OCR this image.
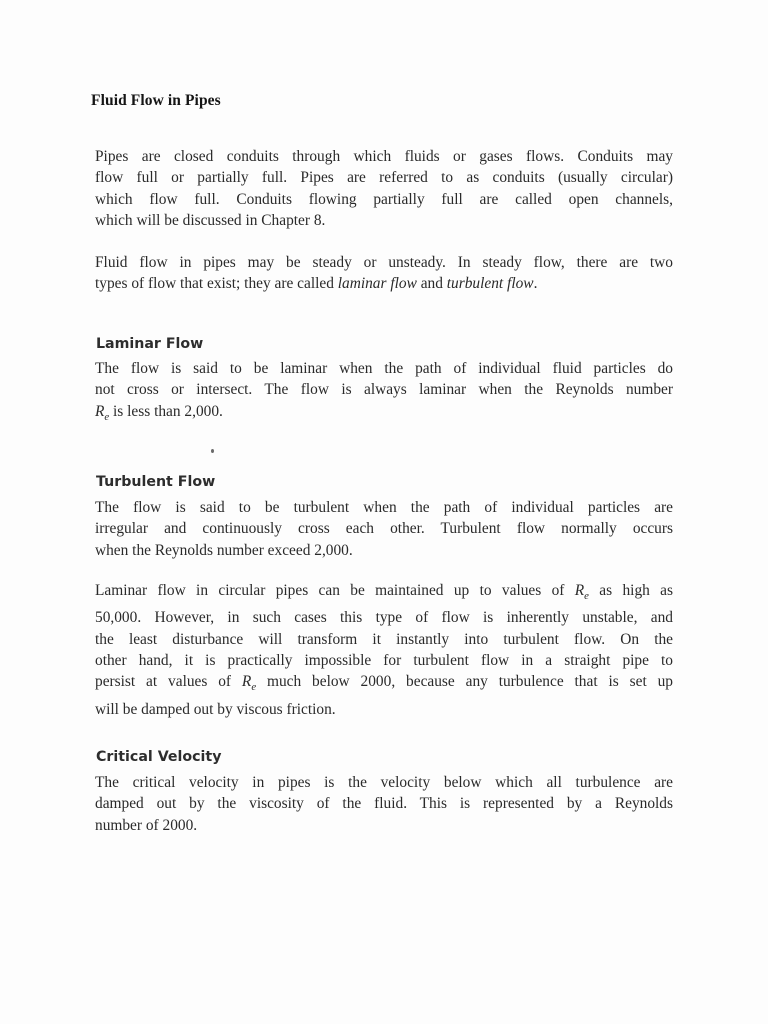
Fluid Flow in Pipes
Pipes are closed conduits through which fluids or gases flows. Conduits may
flow full or partially full. Pipes are referred to as conduits (usually circular)
which flow full. Conduits flowing partially full are called open channels,
which will be discussed in Chapter 8.
Fluid flow in pipes may be steady or unsteady. In steady flow, there are two
types of flow that exist; they are called laminar flow and turbulent flow.
Laminar Flow
The flow is said to be laminar when the path of individual fluid particles do
not cross or intersect. The flow is always laminar when the Reynolds number
$R_e$ is less than 2,000.
Turbulent Flow
The flow is said to be turbulent when the path of individual particles are
irregular and continuously cross each other. Turbulent flow normally occurs
when the Reynolds number exceed 2,000.
Laminar flow in circular pipes can be maintained up to values of $R_e$ as high as
50,000. However, in such cases this type of flow is inherently unstable, and
the least disturbance will transform it instantly into turbulent flow. On the
other hand, it is practically impossible for turbulent flow in a straight pipe to
persist at values of $R_e$ much below 2000, because any turbulence that is set up
will be damped out by viscous friction.
Critical Velocity
The critical velocity in pipes is the velocity below which all turbulence are
damped out by the viscosity of the fluid. This is represented by a Reynolds
number of 2000.
